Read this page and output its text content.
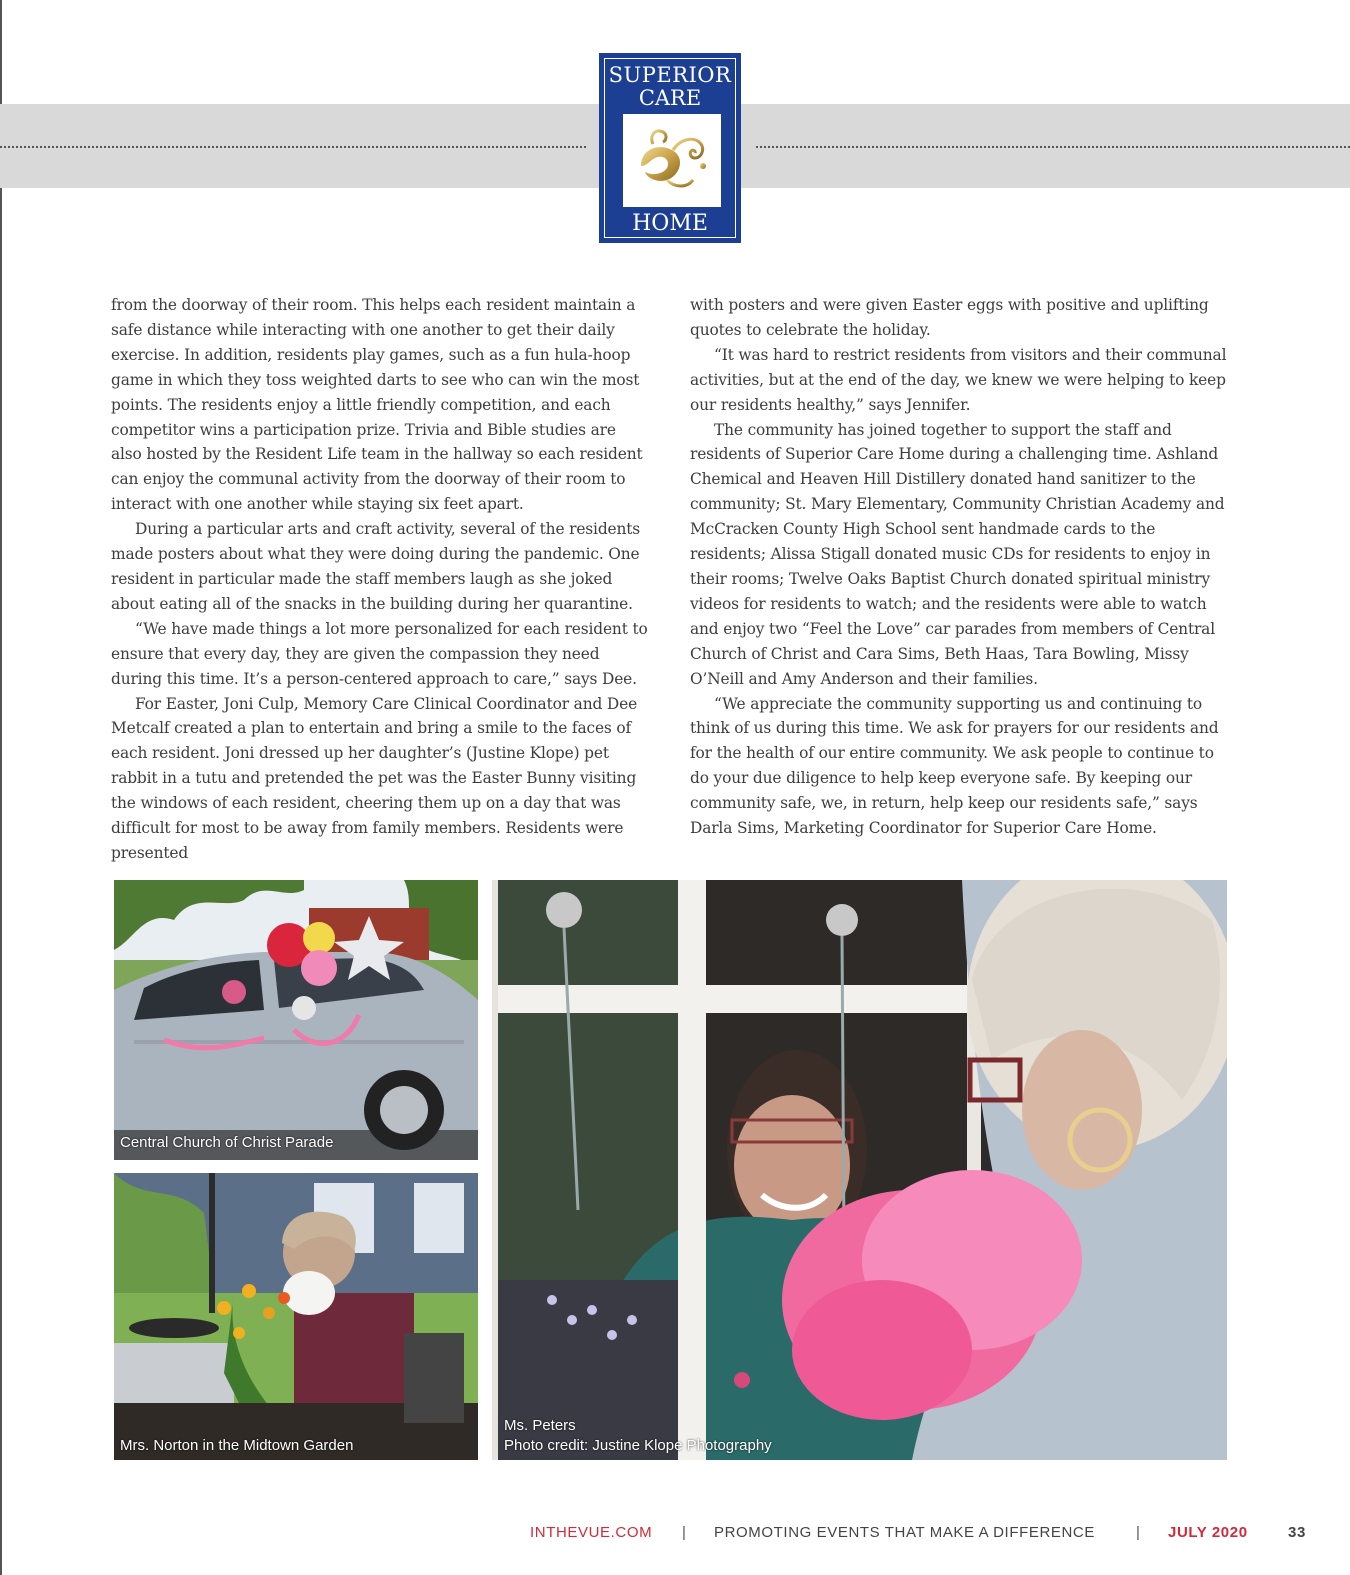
SUPERIOR
CARE
HOME

from the doorway of their room. This helps each resident maintain a safe distance while interacting with one another to get their daily exercise. In addition, residents play games, such as a fun hula-hoop game in which they toss weighted darts to see who can win the most points. The residents enjoy a little friendly competition, and each competitor wins a participation prize. Trivia and Bible studies are also hosted by the Resident Life team in the hallway so each resident can enjoy the communal activity from the doorway of their room to interact with one another while staying six feet apart.

During a particular arts and craft activity, several of the residents made posters about what they were doing during the pandemic. One resident in particular made the staff members laugh as she joked about eating all of the snacks in the building during her quarantine.

“We have made things a lot more personalized for each resident to ensure that every day, they are given the compassion they need during this time. It’s a person-centered approach to care,” says Dee.

For Easter, Joni Culp, Memory Care Clinical Coordinator and Dee Metcalf created a plan to entertain and bring a smile to the faces of each resident. Joni dressed up her daughter’s (Justine Klope) pet rabbit in a tutu and pretended the pet was the Easter Bunny visiting the windows of each resident, cheering them up on a day that was difficult for most to be away from family members. Residents were presented

with posters and were given Easter eggs with positive and uplifting quotes to celebrate the holiday.

“It was hard to restrict residents from visitors and their communal activities, but at the end of the day, we knew we were helping to keep our residents healthy,” says Jennifer.

The community has joined together to support the staff and residents of Superior Care Home during a challenging time. Ashland Chemical and Heaven Hill Distillery donated hand sanitizer to the community; St. Mary Elementary, Community Christian Academy and McCracken County High School sent handmade cards to the residents; Alissa Stigall donated music CDs for residents to enjoy in their rooms; Twelve Oaks Baptist Church donated spiritual ministry videos for residents to watch; and the residents were able to watch and enjoy two “Feel the Love” car parades from members of Central Church of Christ and Cara Sims, Beth Haas, Tara Bowling, Missy O’Neill and Amy Anderson and their families.

“We appreciate the community supporting us and continuing to think of us during this time. We ask for prayers for our residents and for the health of our entire community. We ask people to continue to do your due diligence to help keep everyone safe. By keeping our community safe, we, in return, help keep our residents safe,” says Darla Sims, Marketing Coordinator for Superior Care Home.

Central Church of Christ Parade
Mrs. Norton in the Midtown Garden
Ms. Peters
Photo credit: Justine Klope Photography
INTHEVUE.COM | PROMOTING EVENTS THAT MAKE A DIFFERENCE	| JULY 2020	33
